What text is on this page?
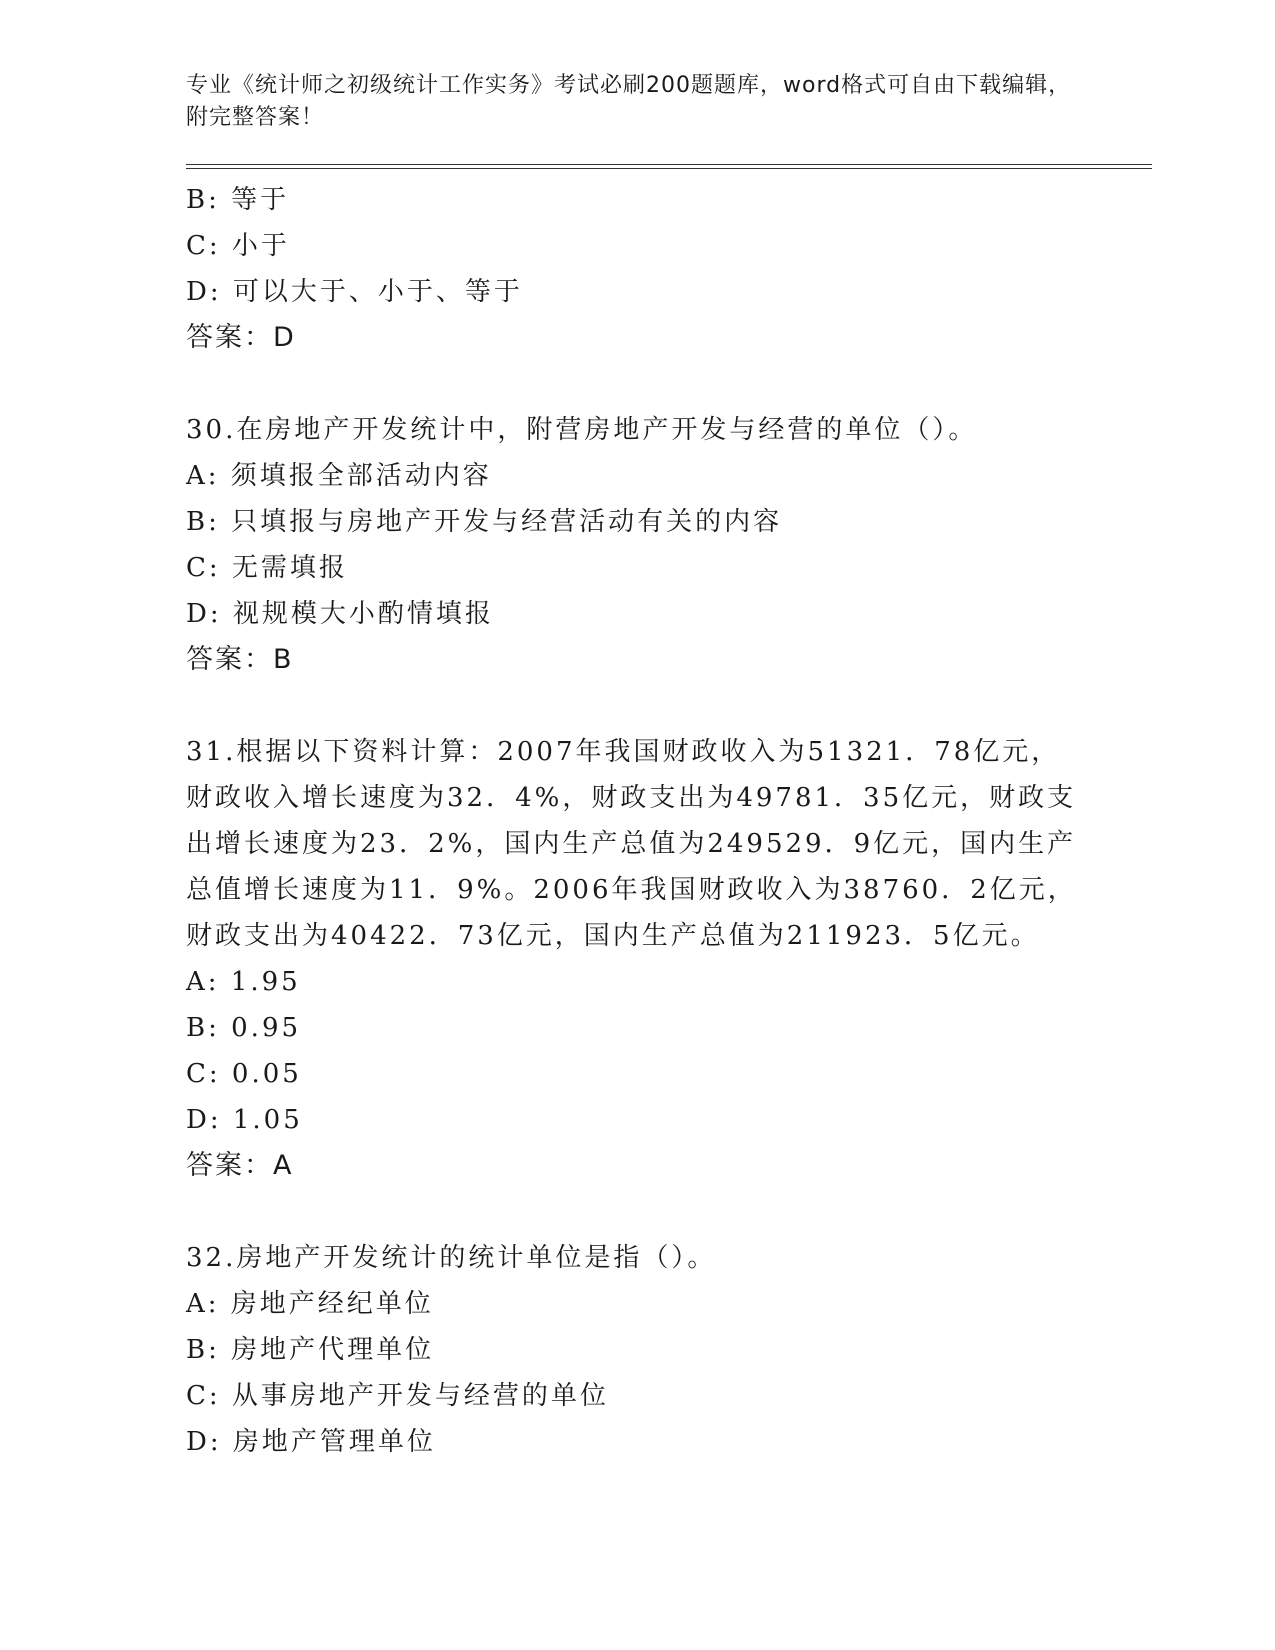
专业《统计师之初级统计工作实务》考试必刷200题题库，word格式可自由下载编辑，附完整答案！
B: 等于
C: 小于
D: 可以大于、小于、等于
答案：D
30.在房地产开发统计中，附营房地产开发与经营的单位（）。
A: 须填报全部活动内容
B: 只填报与房地产开发与经营活动有关的内容
C: 无需填报
D: 视规模大小酌情填报
答案：B
31.根据以下资料计算：2007年我国财政收入为51321．78亿元，财政收入增长速度为32．4%，财政支出为49781．35亿元，财政支出增长速度为23．2%，国内生产总值为249529．9亿元，国内生产总值增长速度为11．9%。2006年我国财政收入为38760．2亿元，财政支出为40422．73亿元，国内生产总值为211923．5亿元。
A: 1.95
B: 0.95
C: 0.05
D: 1.05
答案：A
32.房地产开发统计的统计单位是指（）。
A: 房地产经纪单位
B: 房地产代理单位
C: 从事房地产开发与经营的单位
D: 房地产管理单位
